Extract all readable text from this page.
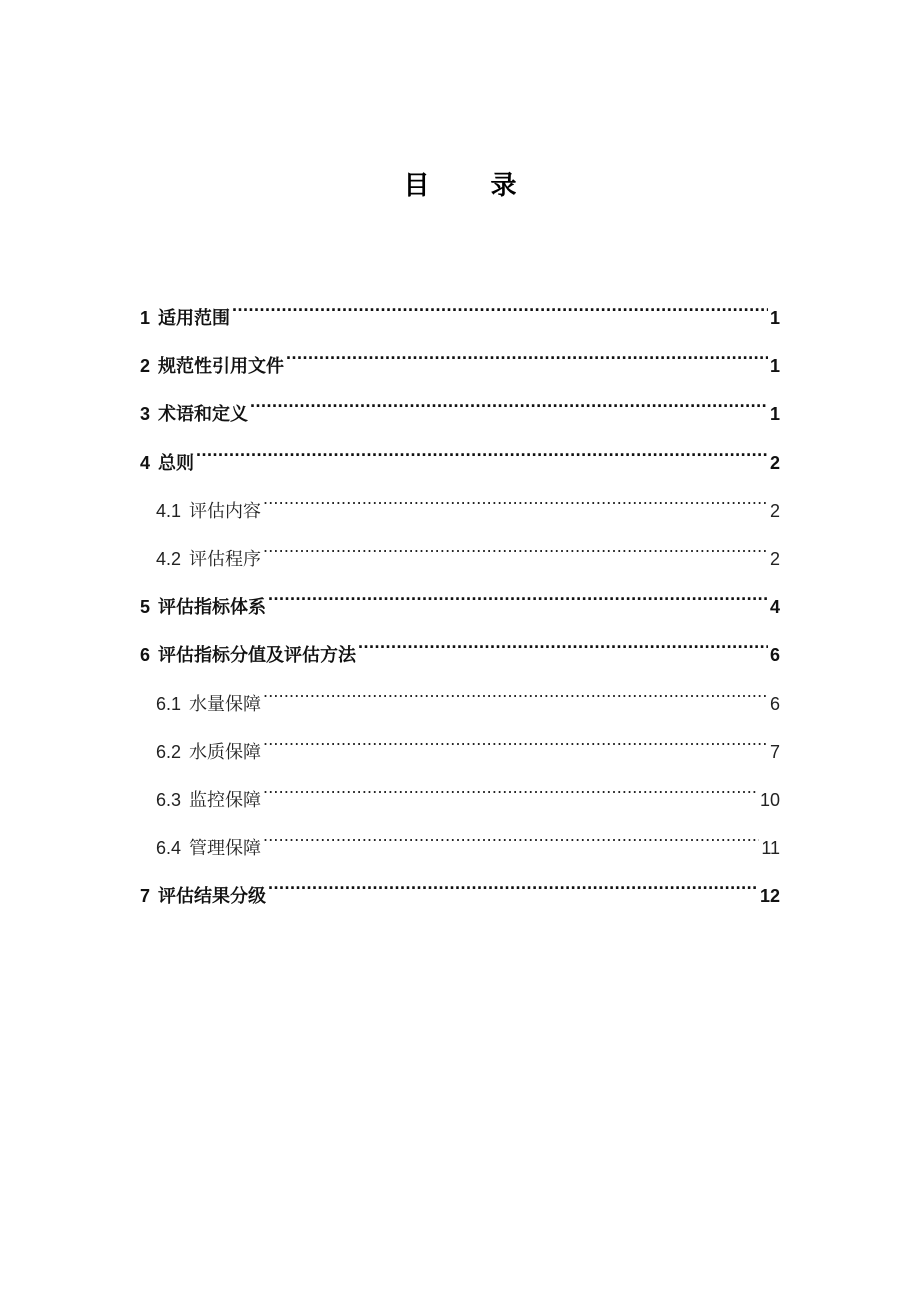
目 录
1 适用范围 .....	1
2 规范性引用文件 .....	1
3 术语和定义 .....	1
4 总则 .....	2
4.1 评估内容 .....	2
4.2 评估程序 .....	2
5 评估指标体系 .....	4
6 评估指标分值及评估方法 .....	6
6.1 水量保障 .....	6
6.2 水质保障 .....	7
6.3 监控保障 .....	10
6.4 管理保障 .....	11
7 评估结果分级 .....	12
